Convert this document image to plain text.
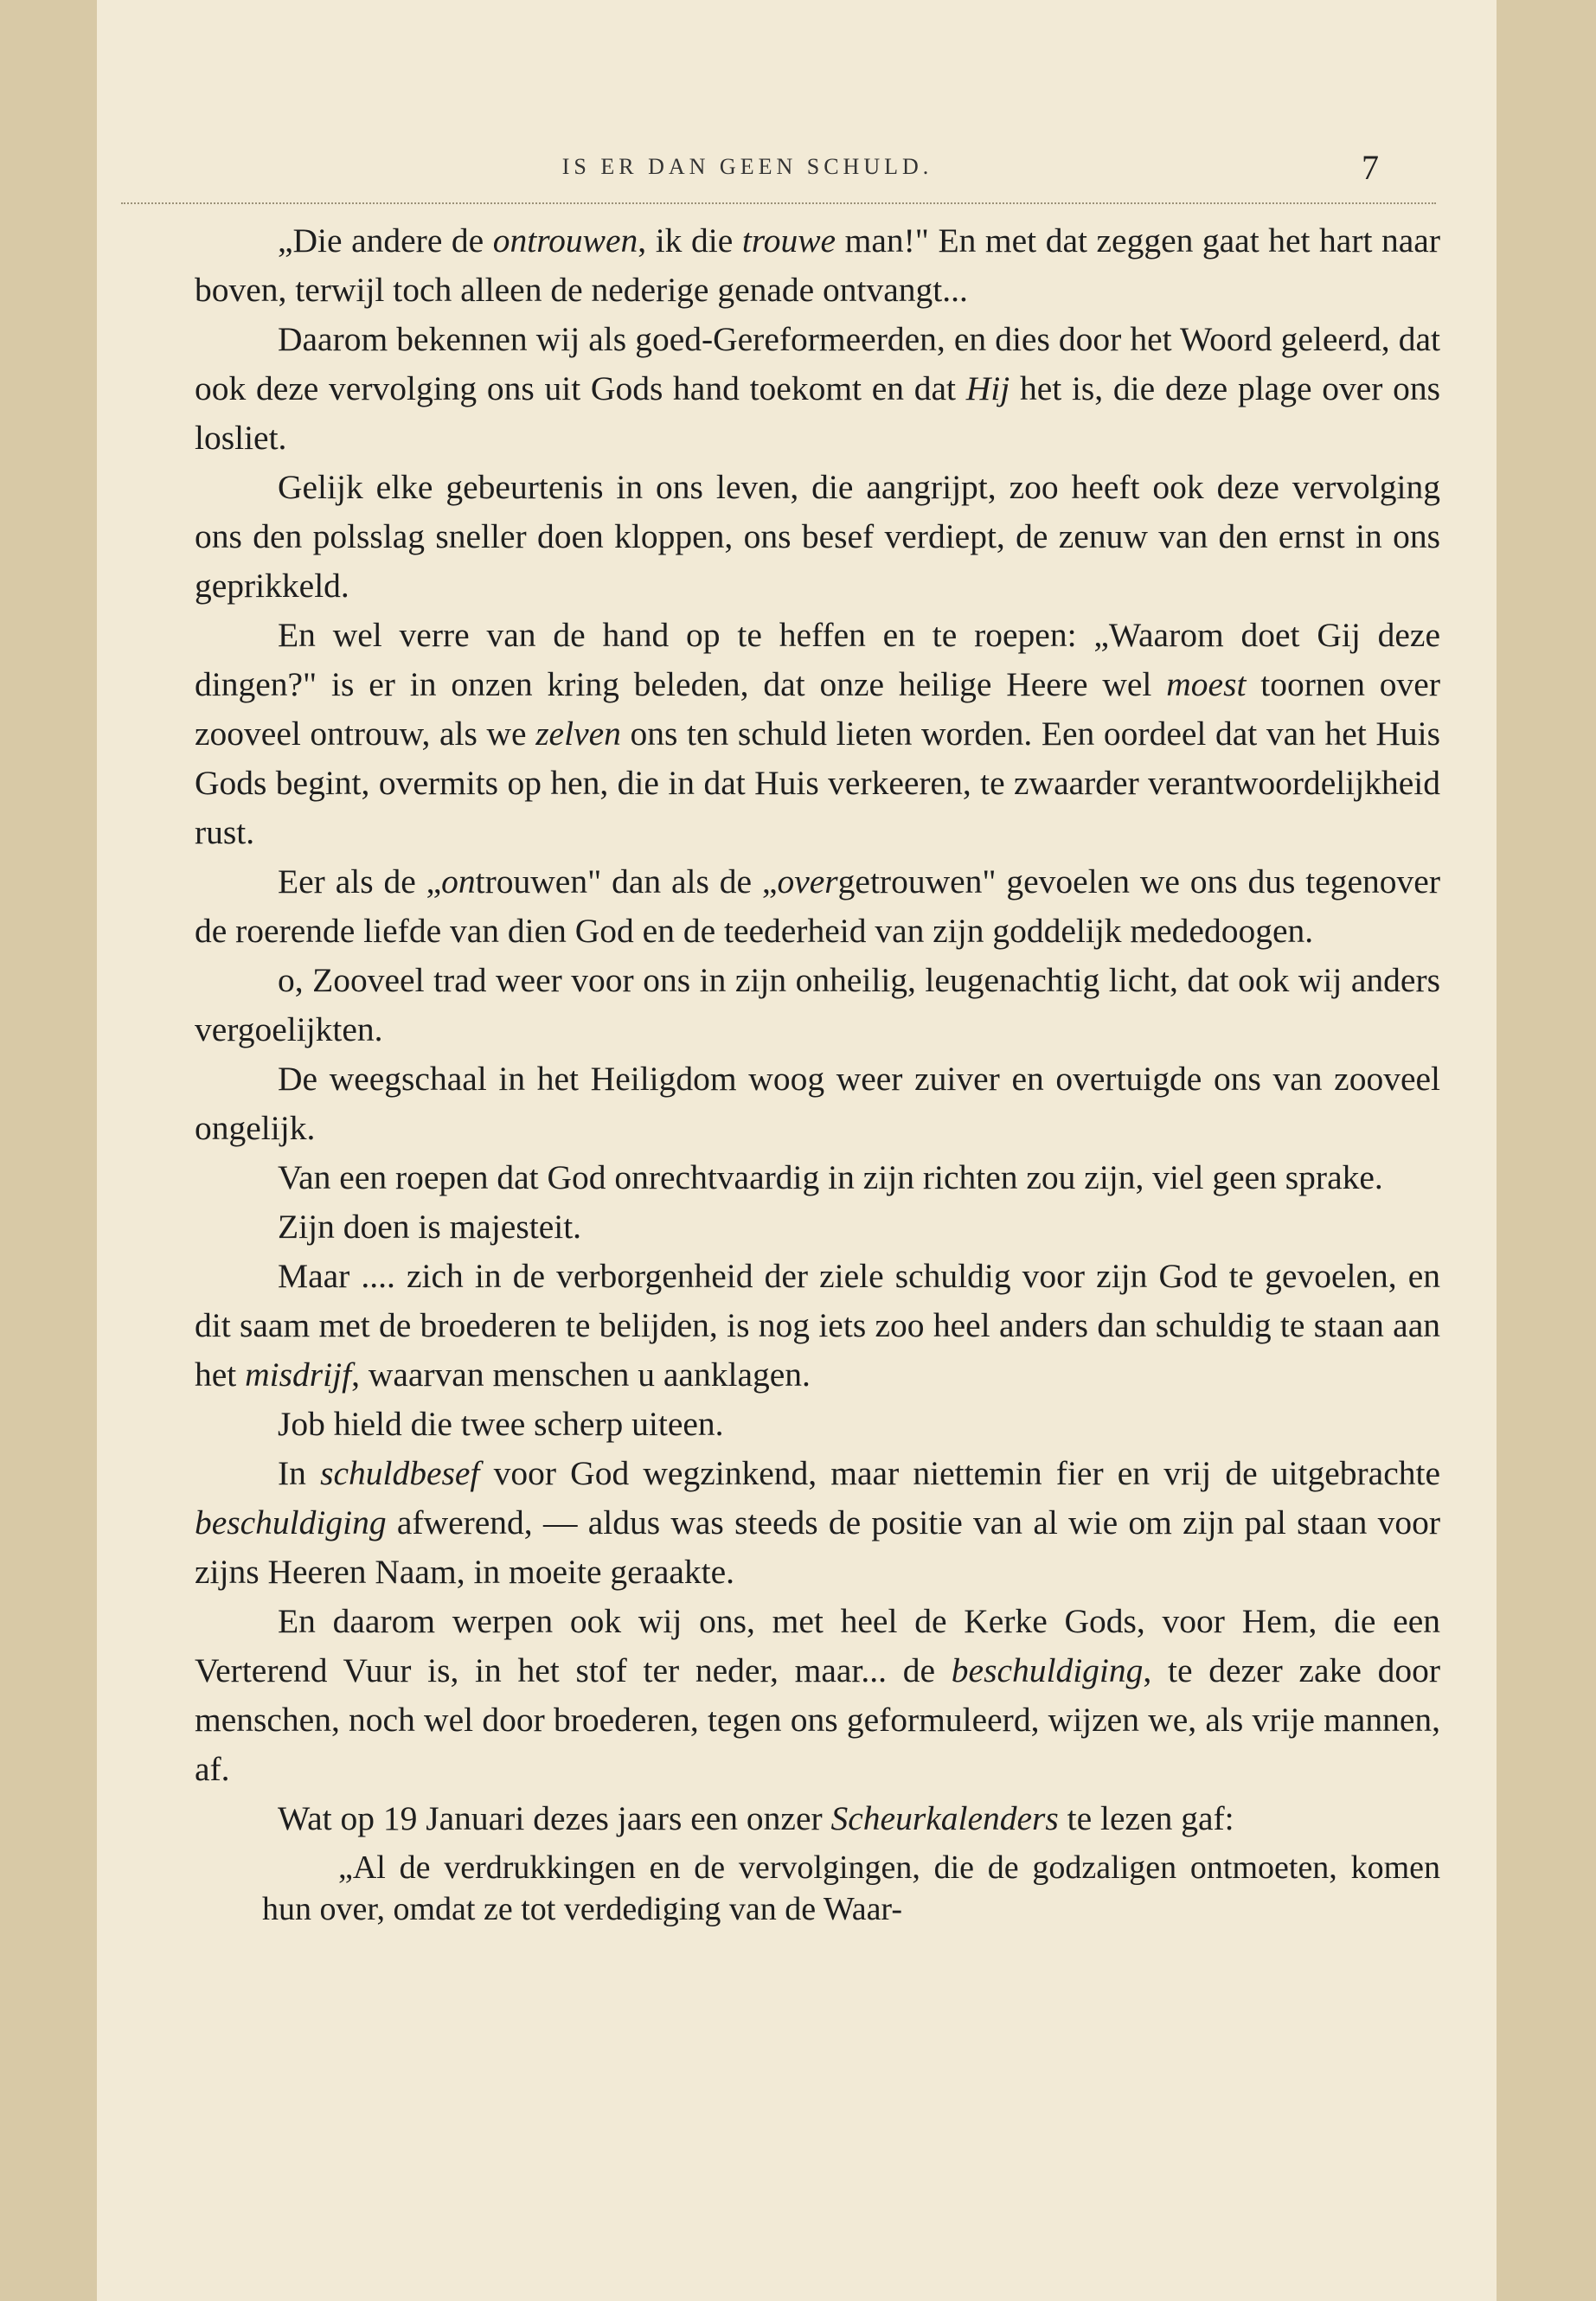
IS ER DAN GEEN SCHULD.	7

„Die andere de ontrouwen, ik die trouwe man!" En met dat zeggen gaat het hart naar boven, terwijl toch alleen de nederige genade ontvangt...

Daarom bekennen wij als goed-Gereformeerden, en dies door het Woord geleerd, dat ook deze vervolging ons uit Gods hand toekomt en dat Hij het is, die deze plage over ons losliet.

Gelijk elke gebeurtenis in ons leven, die aangrijpt, zoo heeft ook deze vervolging ons den polsslag sneller doen kloppen, ons besef verdiept, de zenuw van den ernst in ons geprikkeld.

En wel verre van de hand op te heffen en te roepen: „Waarom doet Gij deze dingen?" is er in onzen kring beleden, dat onze heilige Heere wel moest toornen over zooveel ontrouw, als we zelven ons ten schuld lieten worden. Een oordeel dat van het Huis Gods begint, overmits op hen, die in dat Huis verkeeren, te zwaarder verantwoordelijkheid rust.

Eer als de „ontrouwen" dan als de „overgetrouwen" gevoelen we ons dus tegenover de roerende liefde van dien God en de teederheid van zijn goddelijk mededoogen.

o, Zooveel trad weer voor ons in zijn onheilig, leugenachtig licht, dat ook wij anders vergoelijkten.

De weegschaal in het Heiligdom woog weer zuiver en overtuigde ons van zooveel ongelijk.

Van een roepen dat God onrechtvaardig in zijn richten zou zijn, viel geen sprake.

Zijn doen is majesteit.

Maar .... zich in de verborgenheid der ziele schuldig voor zijn God te gevoelen, en dit saam met de broederen te belijden, is nog iets zoo heel anders dan schuldig te staan aan het misdrijf, waarvan menschen u aanklagen.

Job hield die twee scherp uiteen.

In schuldbesef voor God wegzinkend, maar niettemin fier en vrij de uitgebrachte beschuldiging afwerend, — aldus was steeds de positie van al wie om zijn pal staan voor zijns Heeren Naam, in moeite geraakte.

En daarom werpen ook wij ons, met heel de Kerke Gods, voor Hem, die een Verterend Vuur is, in het stof ter neder, maar... de beschuldiging, te dezer zake door menschen, noch wel door broederen, tegen ons geformuleerd, wijzen we, als vrije mannen, af.

Wat op 19 Januari dezes jaars een onzer Scheurkalenders te lezen gaf:

„Al de verdrukkingen en de vervolgingen, die de godzaligen ontmoeten, komen hun over, omdat ze tot verdediging van de Waar-
